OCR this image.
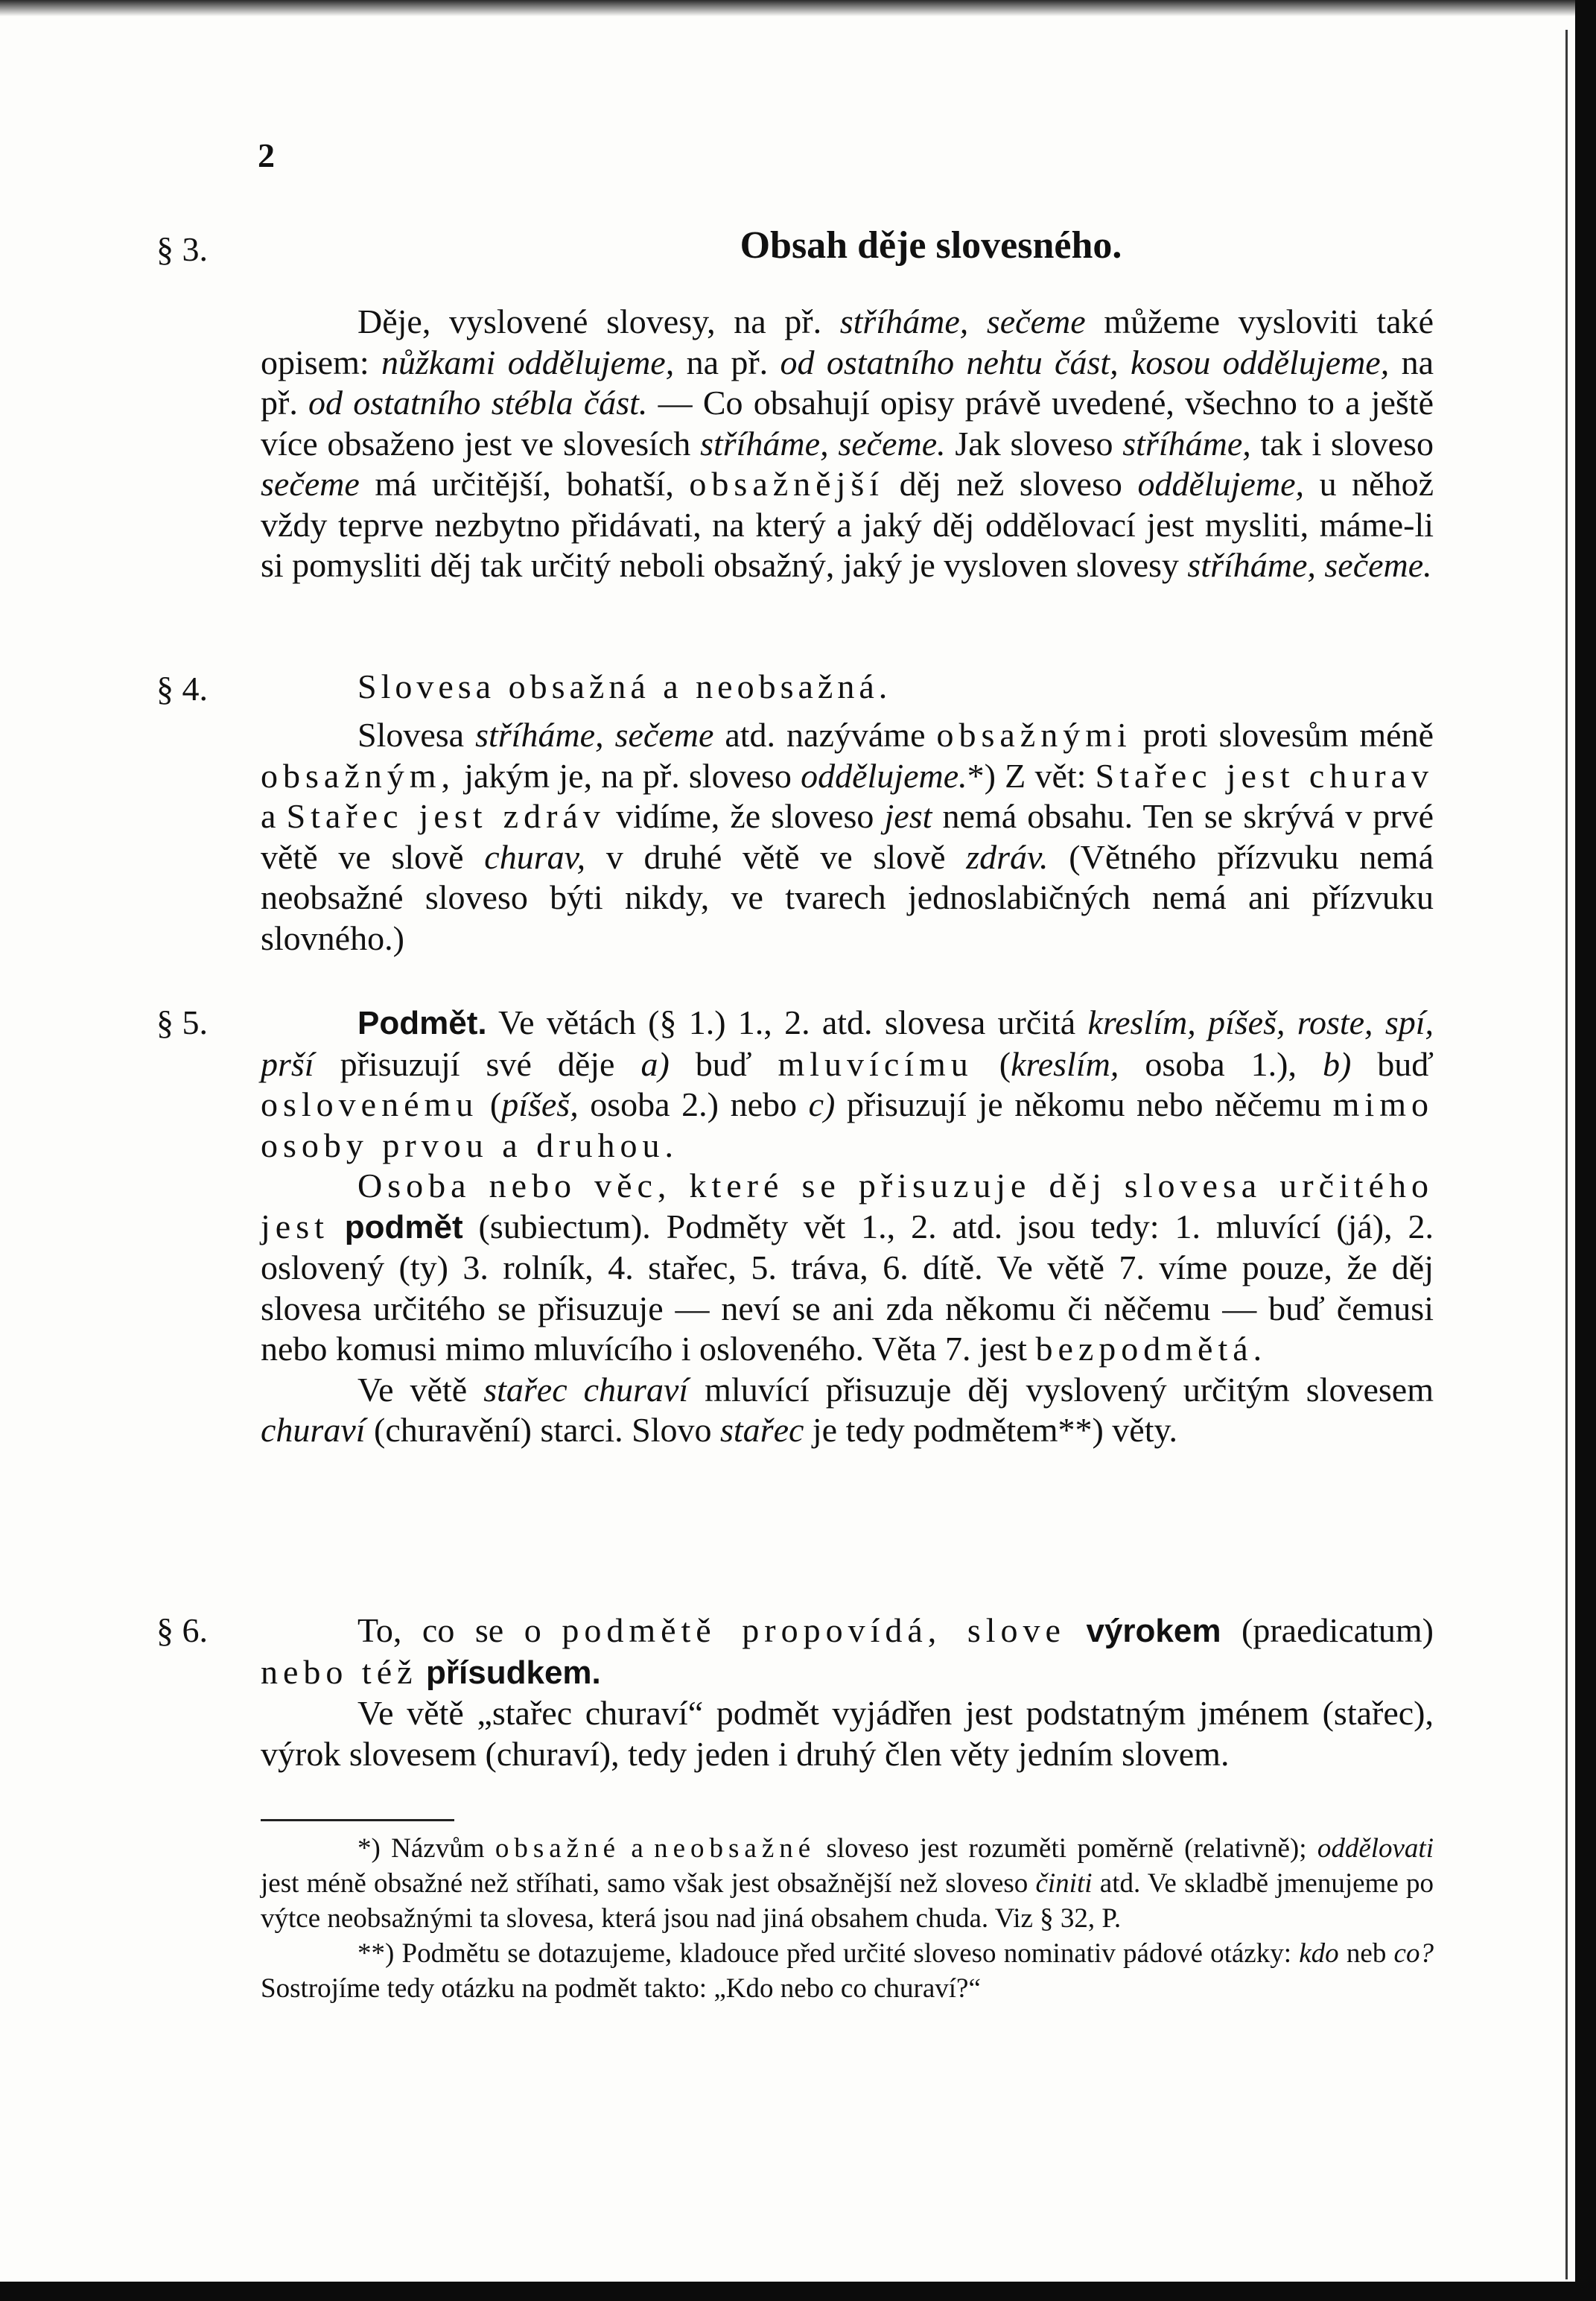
2
§ 3.	Obsah děje slovesného.

Děje, vyslovené slovesy, na př. stříháme, sečeme můžeme vysloviti také opisem: nůžkami oddělujeme, na př. od ostatního nehtu část, kosou oddělujeme, na př. od ostatního stébla část. — Co obsahují opisy právě uvedené, všechno to a ještě více obsaženo jest ve slovesích stříháme, sečeme. Jak sloveso stříháme, tak i sloveso sečeme má určitější, bohatší, obsažnější děj než sloveso oddělujeme, u něhož vždy teprve nezbytno přidávati, na který a jaký děj oddělovací jest mysliti, máme-li si pomysliti děj tak určitý neboli obsažný, jaký je vysloven slovesy stříháme, sečeme.

§ 4.	Slovesa obsažná a neobsažná.

Slovesa stříháme, sečeme atd. nazýváme obsažnými proti slovesům méně obsažným, jakým je, na př. sloveso oddělujeme.*) Z vět: Stařec jest churav a Stařec jest zdráv vidíme, že sloveso jest nemá obsahu. Ten se skrývá v prvé větě ve slově churav, v druhé větě ve slově zdráv. (Větného přízvuku nemá neobsažné sloveso býti nikdy, ve tvarech jednoslabičných nemá ani přízvuku slovného.)

§ 5.	Podmět. Ve větách (§ 1.) 1., 2. atd. slovesa určitá kreslím, píšeš, roste, spí, prší přisuzují své děje a) buď mluvícímu (kreslím, osoba 1.), b) buď oslovenému (píšeš, osoba 2.) nebo c) přisuzují je někomu nebo něčemu mimo osoby prvou a druhou.

Osoba nebo věc, které se přisuzuje děj slovesa určitého jest podmět (subiectum). Podměty vět 1., 2. atd. jsou tedy: 1. mluvící (já), 2. oslovený (ty) 3. rolník, 4. stařec, 5. tráva, 6. dítě. Ve větě 7. víme pouze, že děj slovesa určitého se přisuzuje — neví se ani zda někomu či něčemu — buď čemusi nebo komusi mimo mluvícího i osloveného. Věta 7. jest bezpodmětá.

Ve větě stařec churaví mluvící přisuzuje děj vyslovený určitým slovesem churaví (churavění) starci. Slovo stařec je tedy podmětem**) věty.

§ 6.	To, co se o podmětě propovídá, slove výrokem (praedicatum) nebo též přísudkem.

Ve větě „stařec churaví“ podmět vyjádřen jest podstatným jménem (stařec), výrok slovesem (churaví), tedy jeden i druhý člen věty jedním slovem.

*) Názvům obsažné a neobsažné sloveso jest rozuměti poměrně (relativně); oddělovati jest méně obsažné než stříhati, samo však jest obsažnější než sloveso činiti atd. Ve skladbě jmenujeme po výtce neobsažnými ta slovesa, která jsou nad jiná obsahem chuda. Viz § 32, P.

**) Podmětu se dotazujeme, kladouce před určité sloveso nominativ pádové otázky: kdo neb co? Sostrojíme tedy otázku na podmět takto: „Kdo nebo co churaví?“
